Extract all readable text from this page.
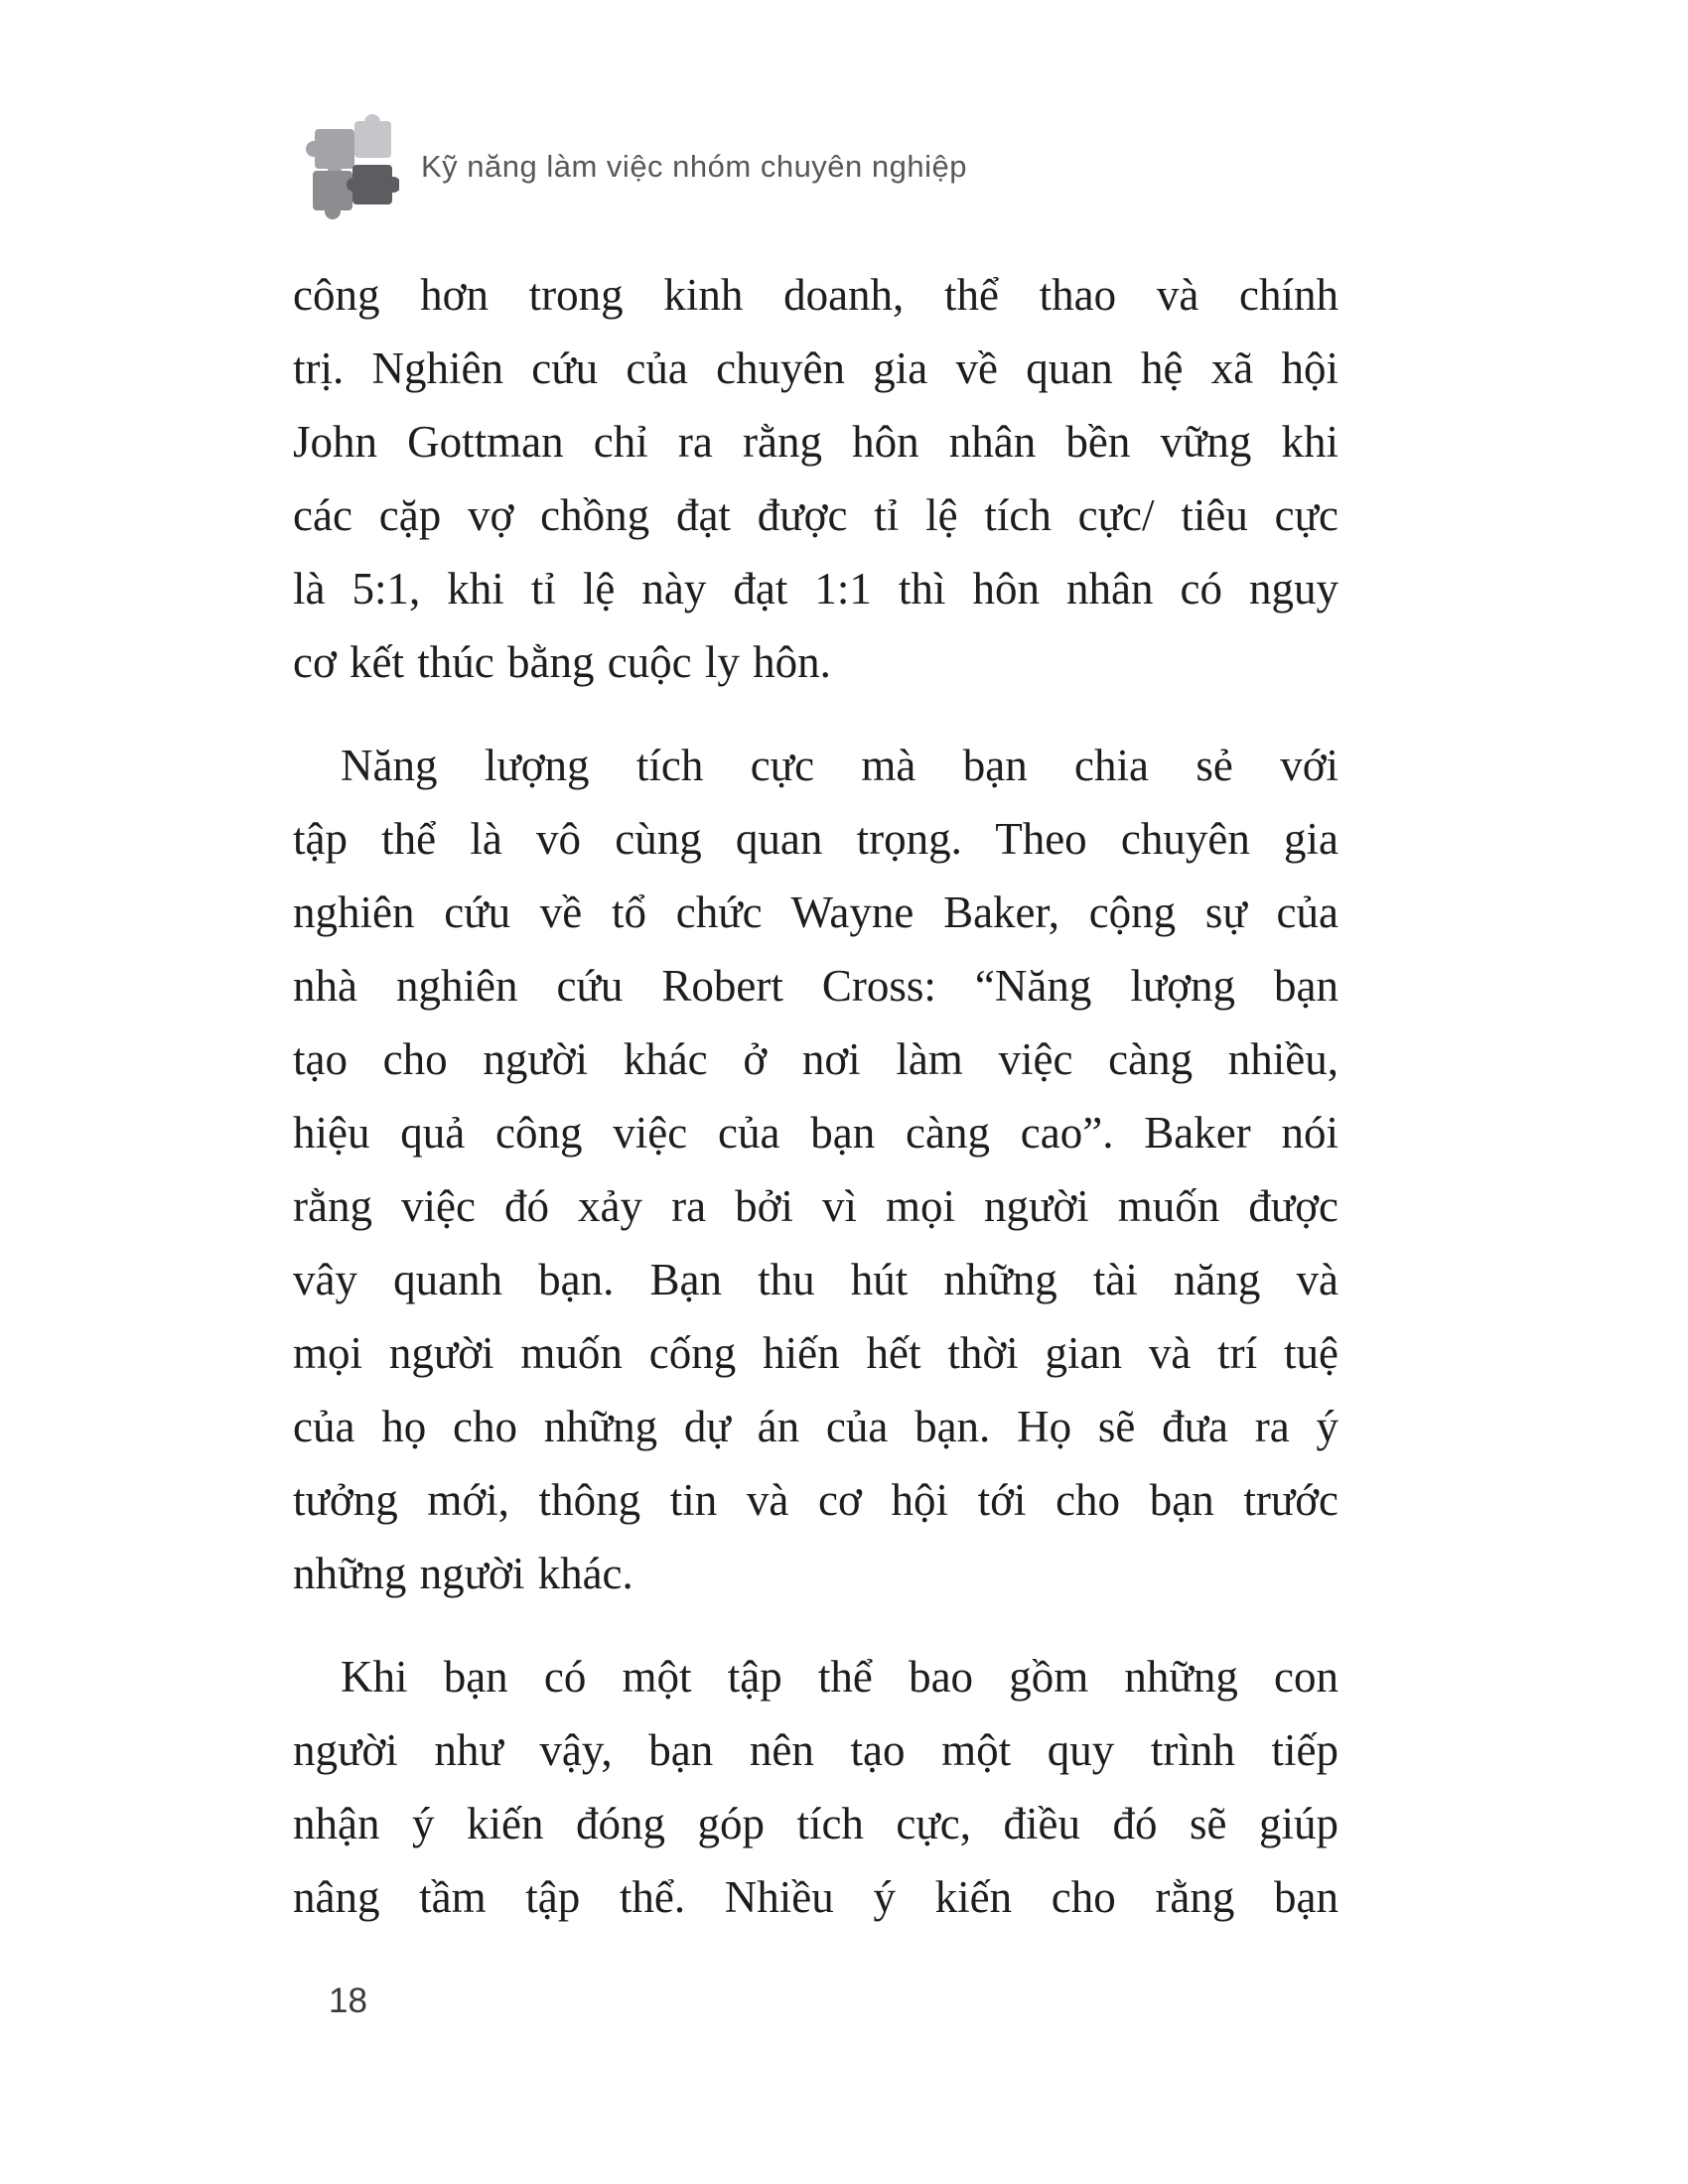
Kỹ năng làm việc nhóm chuyên nghiệp
công hơn trong kinh doanh, thể thao và chính
trị. Nghiên cứu của chuyên gia về quan hệ xã hội
John Gottman chỉ ra rằng hôn nhân bền vững khi
các cặp vợ chồng đạt được tỉ lệ tích cực/ tiêu cực
là 5:1, khi tỉ lệ này đạt 1:1 thì hôn nhân có nguy
cơ kết thúc bằng cuộc ly hôn.
Năng lượng tích cực mà bạn chia sẻ với
tập thể là vô cùng quan trọng. Theo chuyên gia
nghiên cứu về tổ chức Wayne Baker, cộng sự của
nhà nghiên cứu Robert Cross: “Năng lượng bạn
tạo cho người khác ở nơi làm việc càng nhiều,
hiệu quả công việc của bạn càng cao”. Baker nói
rằng việc đó xảy ra bởi vì mọi người muốn được
vây quanh bạn. Bạn thu hút những tài năng và
mọi người muốn cống hiến hết thời gian và trí tuệ
của họ cho những dự án của bạn. Họ sẽ đưa ra ý
tưởng mới, thông tin và cơ hội tới cho bạn trước
những người khác.
Khi bạn có một tập thể bao gồm những con
người như vậy, bạn nên tạo một quy trình tiếp
nhận ý kiến đóng góp tích cực, điều đó sẽ giúp
nâng tầm tập thể. Nhiều ý kiến cho rằng bạn
18
